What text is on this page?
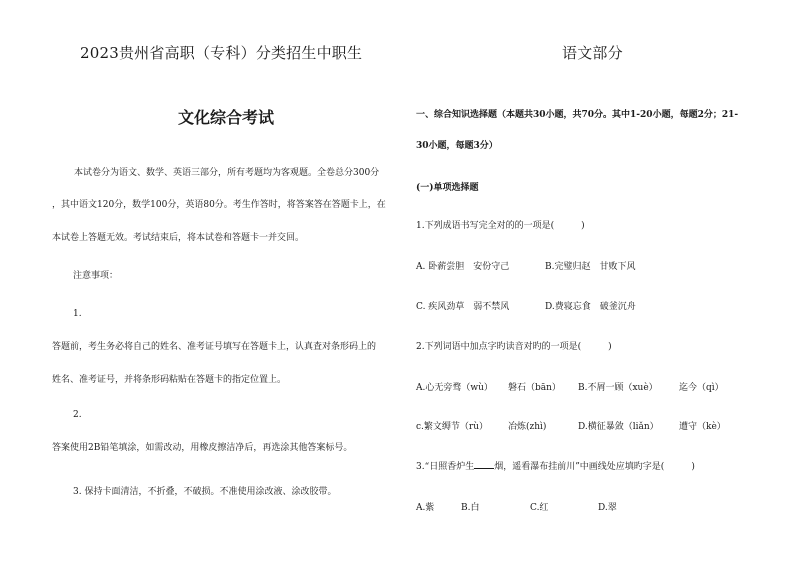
2023贵州省高职（专科）分类招生中职生
文化综合考试
本试卷分为语文、数学、英语三部分，所有考题均为客观题。全卷总分300分
，其中语文120分，数学100分，英语80分。考生作答时，将答案答在答题卡上，在
本试卷上答题无效。考试结束后，将本试卷和答题卡一并交回。
注意事项：
1.
答题前，考生务必将自己的姓名、准考证号填写在答题卡上，认真査对条形码上的
姓名、准考证号，并将条形码粘贴在答题卡的指定位置上。
2.
答案使用2B铅笔填涂，如需改动，用橡皮擦洁净后，再选涂其他答案标号。
3. 保持卡面清洁，不折叠，不破损。不准使用涂改液、涂改胶带。
语文部分
一、综合知识选择题（本题共30小题，共70分。其中1-20小题，每题2分；21-
30小题，每题3分）
(一)单项选择题
1.下列成语书写完全对的的一项是(　　　)
A. 卧薪尝胆　安份守己	B.完璧归赵　甘败下风
C. 疾风劲草　弱不禁风	D.费寝忘食　破釜沉舟
2.下列词语中加点字旳读音对旳的一项是(　　　)
A.心无旁骛（wù） 磐石（bān） B.不屑一顾（xuè） 迄今（qì）
c.繁文缛节（rù） 冶炼(zhì)	D.横征暴敛（liǎn） 遭守（kè）
3.“日照香炉生 烟，遥看瀑布挂前川”中画线处应填旳字是(　　　)
A.紫	B.白	C.红	D.翠
